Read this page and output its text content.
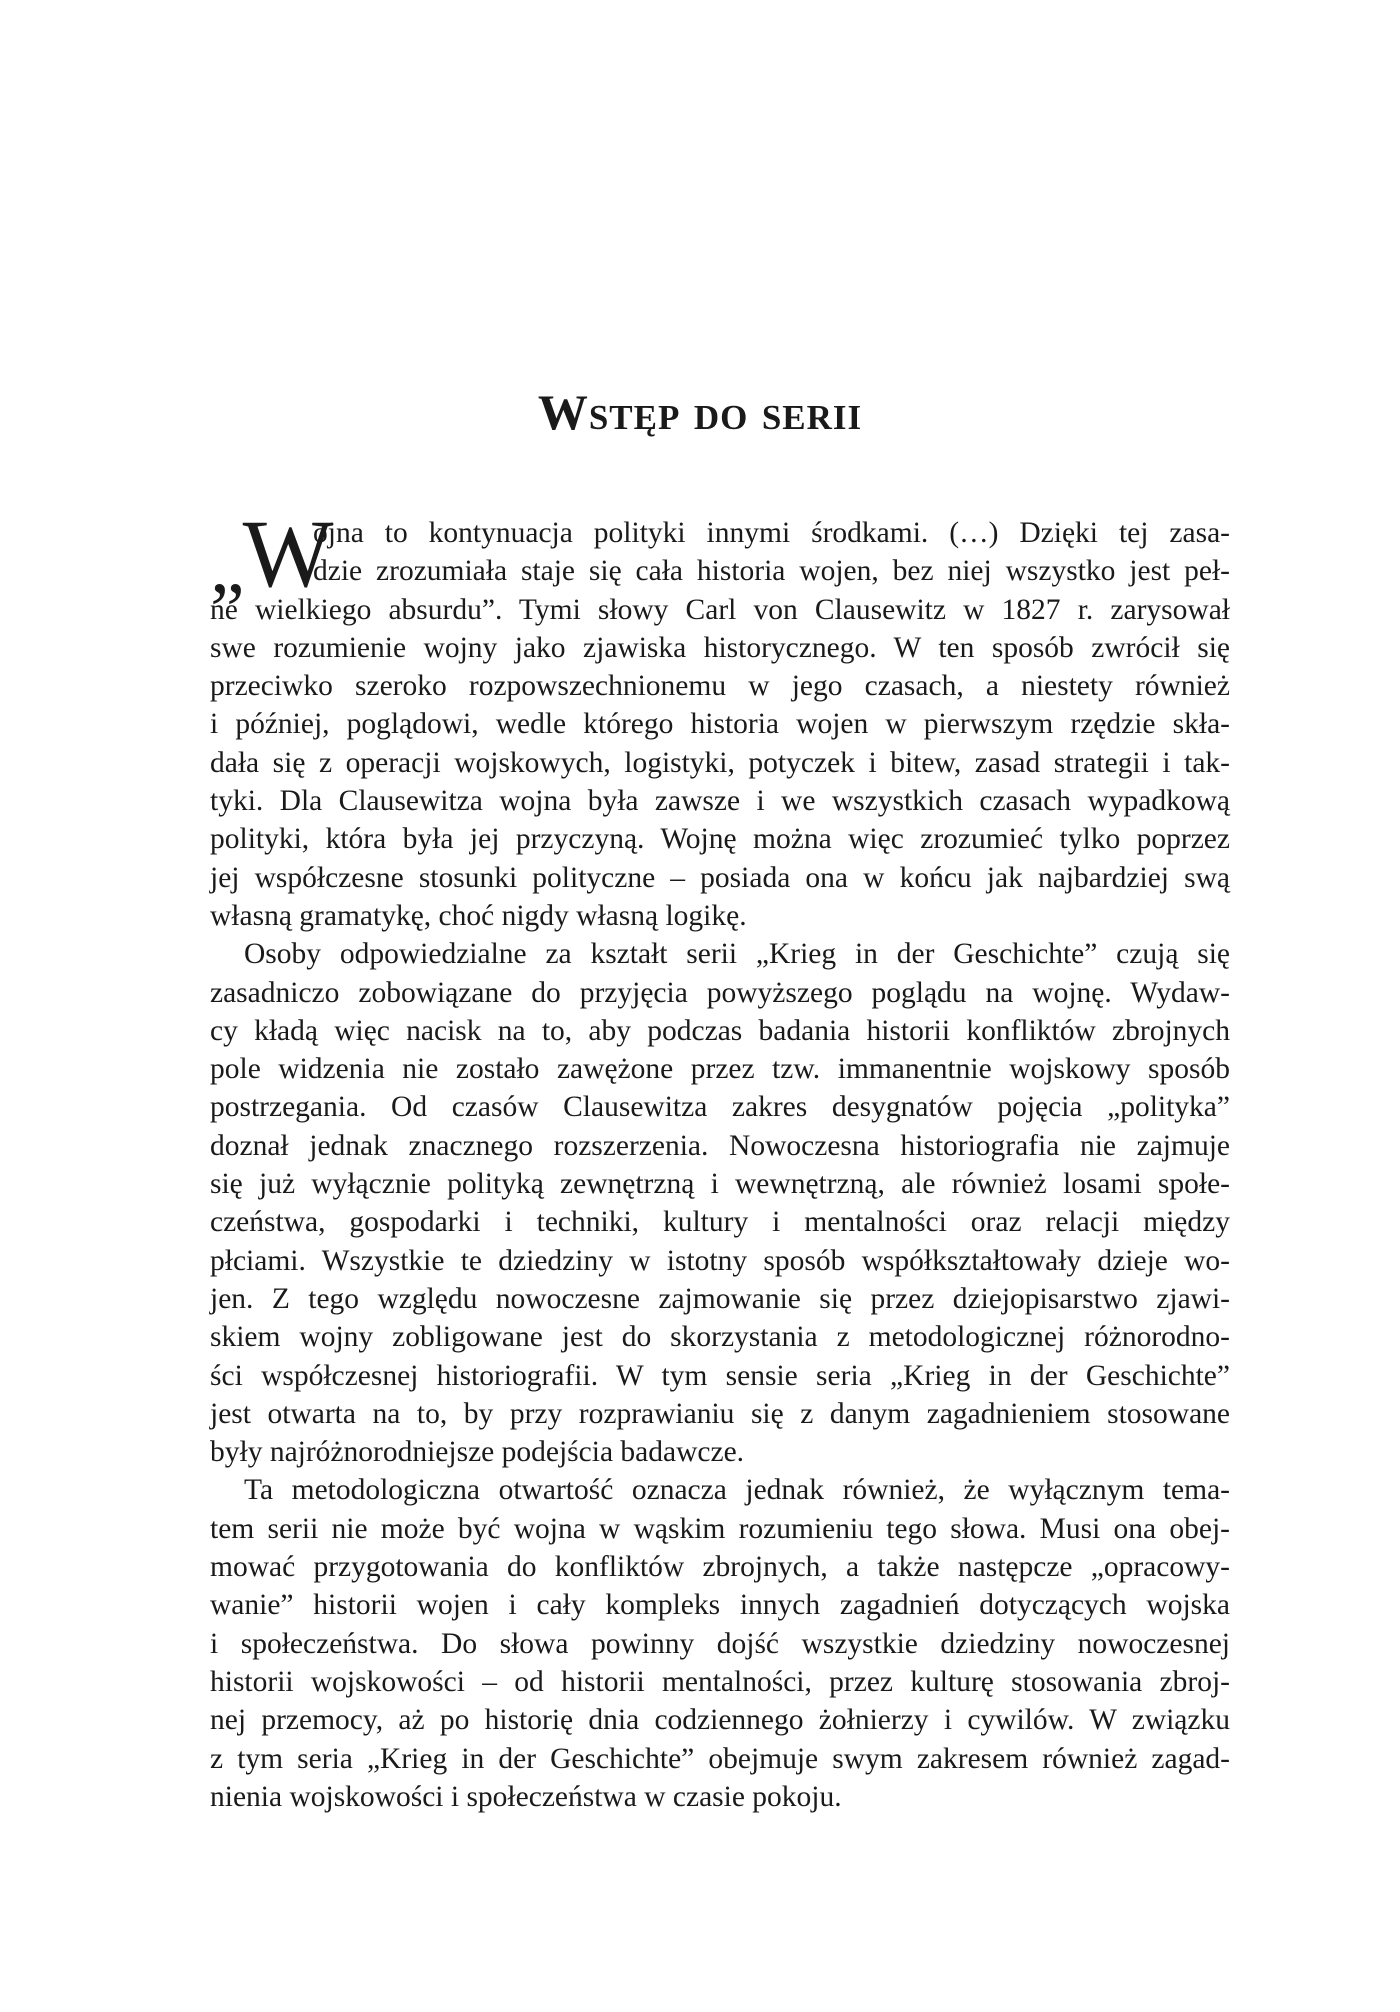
Wstęp do serii
„W

ojna to kontynuacja polityki innymi środkami. (…) Dzięki tej zasa-
dzie zrozumiała staje się cała historia wojen, bez niej wszystko jest peł-
ne wielkiego absurdu”. Tymi słowy Carl von Clausewitz w 1827 r. zarysował
swe rozumienie wojny jako zjawiska historycznego. W ten sposób zwrócił się
przeciwko szeroko rozpowszechnionemu w jego czasach, a niestety również
i później, poglądowi, wedle którego historia wojen w pierwszym rzędzie skła-
dała się z operacji wojskowych, logistyki, potyczek i bitew, zasad strategii i tak-
tyki. Dla Clausewitza wojna była zawsze i we wszystkich czasach wypadkową
polityki, która była jej przyczyną. Wojnę można więc zrozumieć tylko poprzez
jej współczesne stosunki polityczne – posiada ona w końcu jak najbardziej swą
własną gramatykę, choć nigdy własną logikę.

Osoby odpowiedzialne za kształt serii „Krieg in der Geschichte” czują się
zasadniczo zobowiązane do przyjęcia powyższego poglądu na wojnę. Wydaw-
cy kładą więc nacisk na to, aby podczas badania historii konfliktów zbrojnych
pole widzenia nie zostało zawężone przez tzw. immanentnie wojskowy sposób
postrzegania. Od czasów Clausewitza zakres desygnatów pojęcia „polityka”
doznał jednak znacznego rozszerzenia. Nowoczesna historiografia nie zajmuje
się już wyłącznie polityką zewnętrzną i wewnętrzną, ale również losami społe-
czeństwa, gospodarki i techniki, kultury i mentalności oraz relacji między
płciami. Wszystkie te dziedziny w istotny sposób współkształtowały dzieje wo-
jen. Z tego względu nowoczesne zajmowanie się przez dziejopisarstwo zjawi-
skiem wojny zobligowane jest do skorzystania z metodologicznej różnorodno-
ści współczesnej historiografii. W tym sensie seria „Krieg in der Geschichte”
jest otwarta na to, by przy rozprawianiu się z danym zagadnieniem stosowane
były najróżnorodniejsze podejścia badawcze.

Ta metodologiczna otwartość oznacza jednak również, że wyłącznym tema-
tem serii nie może być wojna w wąskim rozumieniu tego słowa. Musi ona obej-
mować przygotowania do konfliktów zbrojnych, a także następcze „opracowy-
wanie” historii wojen i cały kompleks innych zagadnień dotyczących wojska
i społeczeństwa. Do słowa powinny dojść wszystkie dziedziny nowoczesnej
historii wojskowości – od historii mentalności, przez kulturę stosowania zbroj-
nej przemocy, aż po historię dnia codziennego żołnierzy i cywilów. W związku
z tym seria „Krieg in der Geschichte” obejmuje swym zakresem również zagad-
nienia wojskowości i społeczeństwa w czasie pokoju.
